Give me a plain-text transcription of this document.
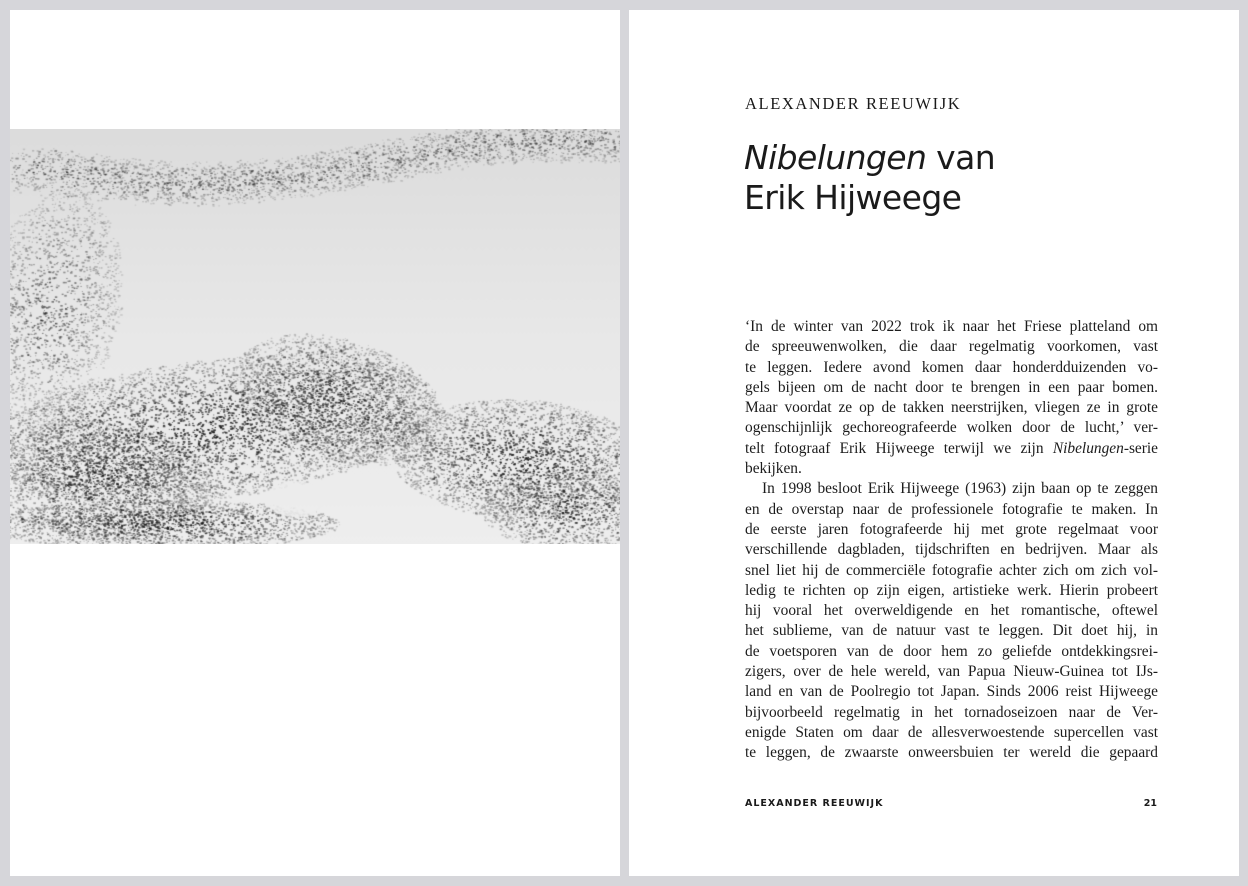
ALEXANDER REEUWIJK
Nibelungen van
Erik Hijweege
‘In de winter van 2022 trok ik naar het Friese platteland om
de spreeuwenwolken, die daar regelmatig voorkomen, vast
te leggen. Iedere avond komen daar honderdduizenden vo-
gels bijeen om de nacht door te brengen in een paar bomen.
Maar voordat ze op de takken neerstrijken, vliegen ze in grote
ogenschijnlijk gechoreografeerde wolken door de lucht,’ ver-
telt fotograaf Erik Hijweege terwijl we zijn Nibelungen-serie
bekijken.
In 1998 besloot Erik Hijweege (1963) zijn baan op te zeggen
en de overstap naar de professionele fotografie te maken. In
de eerste jaren fotografeerde hij met grote regelmaat voor
verschillende dagbladen, tijdschriften en bedrijven. Maar als
snel liet hij de commerciële fotografie achter zich om zich vol-
ledig te richten op zijn eigen, artistieke werk. Hierin probeert
hij vooral het overweldigende en het romantische, oftewel
het sublieme, van de natuur vast te leggen. Dit doet hij, in
de voetsporen van de door hem zo geliefde ontdekkingsrei-
zigers, over de hele wereld, van Papua Nieuw-Guinea tot IJs-
land en van de Poolregio tot Japan. Sinds 2006 reist Hijweege
bijvoorbeeld regelmatig in het tornadoseizoen naar de Ver-
enigde Staten om daar de allesverwoestende supercellen vast
te leggen, de zwaarste onweersbuien ter wereld die gepaard
ALEXANDER REEUWIJK	21
